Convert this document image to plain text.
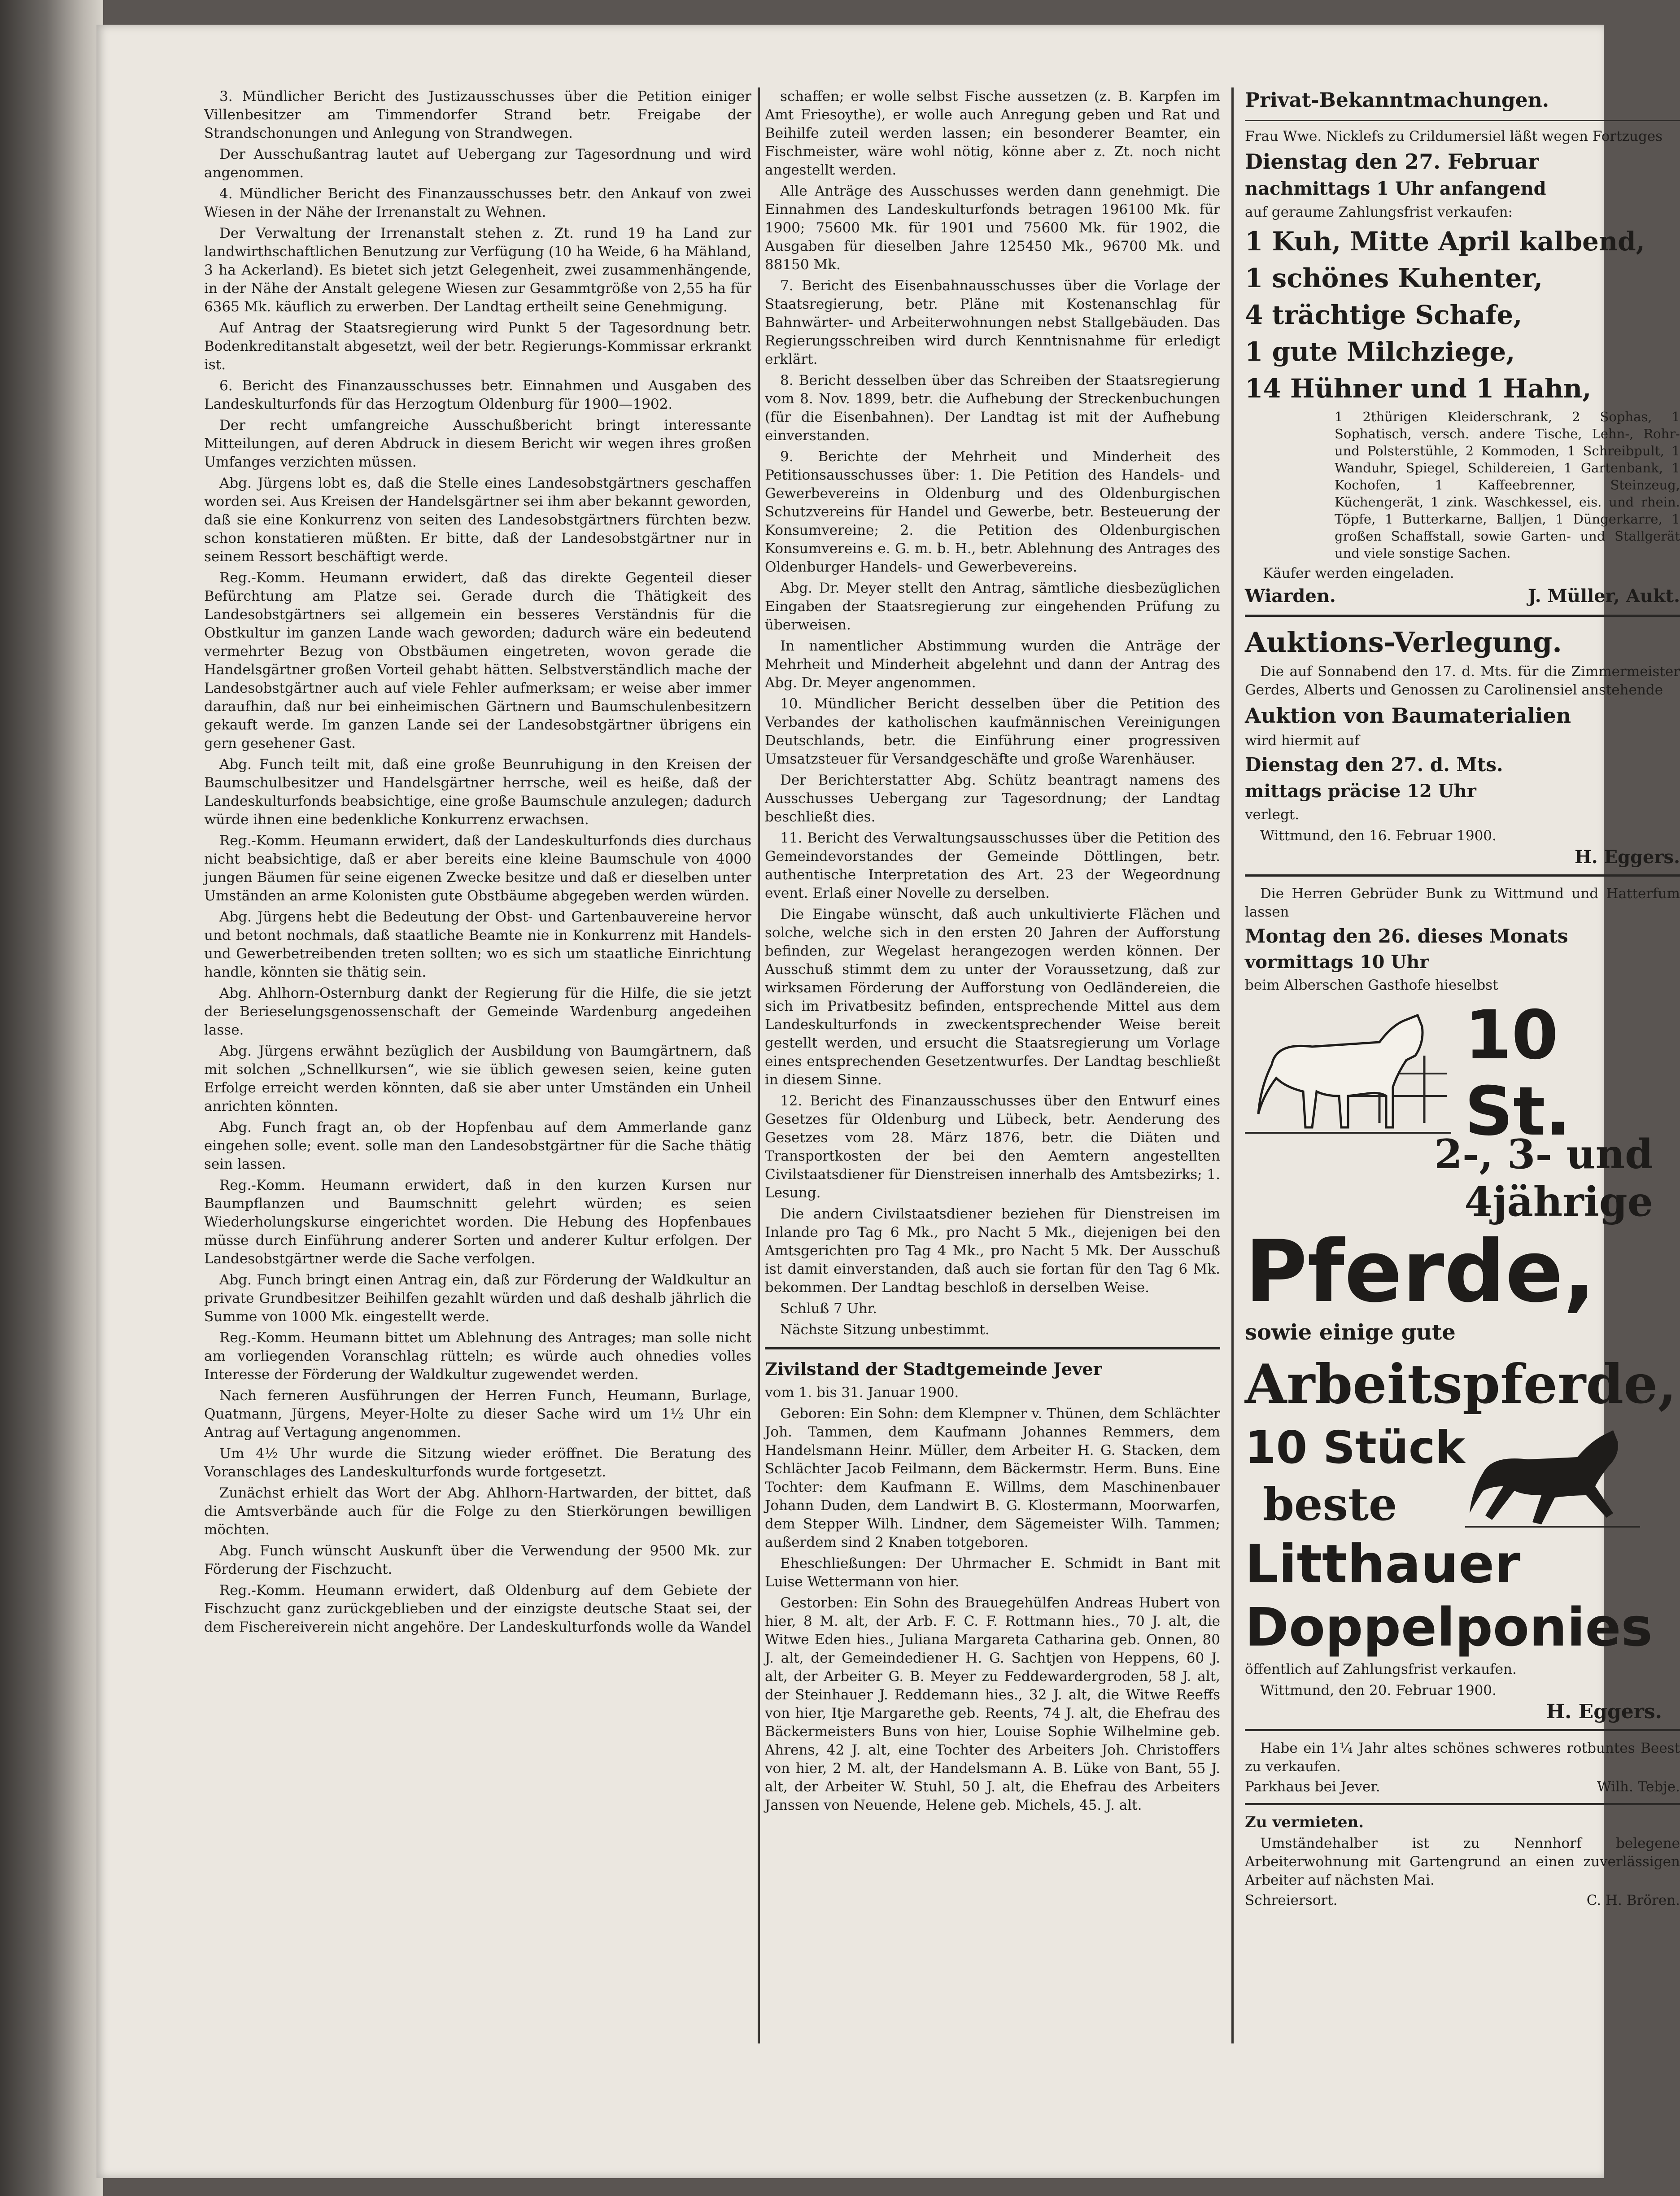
3. Mündlicher Bericht des Justizausschusses über die Petition einiger Villenbesitzer am Timmendorfer Strand betr. Freigabe der Strandschonungen und Anlegung von Strandwegen.

Der Ausschußantrag lautet auf Uebergang zur Tagesordnung und wird angenommen.

4. Mündlicher Bericht des Finanzausschusses betr. den Ankauf von zwei Wiesen in der Nähe der Irrenanstalt zu Wehnen.

Der Verwaltung der Irrenanstalt stehen z. Zt. rund 19 ha Land zur landwirthschaftlichen Benutzung zur Verfügung (10 ha Weide, 6 ha Mähland, 3 ha Ackerland). Es bietet sich jetzt Gelegenheit, zwei zusammenhängende, in der Nähe der Anstalt gelegene Wiesen zur Gesammtgröße von 2,55 ha für 6365 Mk. käuflich zu erwerben. Der Landtag ertheilt seine Genehmigung.

Auf Antrag der Staatsregierung wird Punkt 5 der Tagesordnung betr. Bodenkreditanstalt abgesetzt, weil der betr. Regierungs-Kommissar erkrankt ist.

6. Bericht des Finanzausschusses betr. Einnahmen und Ausgaben des Landeskulturfonds für das Herzogtum Oldenburg für 1900—1902.

Der recht umfangreiche Ausschußbericht bringt interessante Mitteilungen, auf deren Abdruck in diesem Bericht wir wegen ihres großen Umfanges verzichten müssen.

Abg. Jürgens lobt es, daß die Stelle eines Landesobstgärtners geschaffen worden sei. Aus Kreisen der Handelsgärtner sei ihm aber bekannt geworden, daß sie eine Konkurrenz von seiten des Landesobstgärtners fürchten bezw. schon konstatieren müßten. Er bitte, daß der Landesobstgärtner nur in seinem Ressort beschäftigt werde.

Reg.-Komm. Heumann erwidert, daß das direkte Gegenteil dieser Befürchtung am Platze sei. Gerade durch die Thätigkeit des Landesobstgärtners sei allgemein ein besseres Verständnis für die Obstkultur im ganzen Lande wach geworden; dadurch wäre ein bedeutend vermehrter Bezug von Obstbäumen eingetreten, wovon gerade die Handelsgärtner großen Vorteil gehabt hätten. Selbstverständlich mache der Landesobstgärtner auch auf viele Fehler aufmerksam; er weise aber immer daraufhin, daß nur bei einheimischen Gärtnern und Baumschulenbesitzern gekauft werde. Im ganzen Lande sei der Landesobstgärtner übrigens ein gern gesehener Gast.

Abg. Funch teilt mit, daß eine große Beunruhigung in den Kreisen der Baumschulbesitzer und Handelsgärtner herrsche, weil es heiße, daß der Landeskulturfonds beabsichtige, eine große Baumschule anzulegen; dadurch würde ihnen eine bedenkliche Konkurrenz erwachsen.

Reg.-Komm. Heumann erwidert, daß der Landeskulturfonds dies durchaus nicht beabsichtige, daß er aber bereits eine kleine Baumschule von 4000 jungen Bäumen für seine eigenen Zwecke besitze und daß er dieselben unter Umständen an arme Kolonisten gute Obstbäume abgegeben werden würden.

Abg. Jürgens hebt die Bedeutung der Obst- und Gartenbauvereine hervor und betont nochmals, daß staatliche Beamte nie in Konkurrenz mit Handels- und Gewerbetreibenden treten sollten; wo es sich um staatliche Einrichtung handle, könnten sie thätig sein.

Abg. Ahlhorn-Osternburg dankt der Regierung für die Hilfe, die sie jetzt der Berieselungsgenossenschaft der Gemeinde Wardenburg angedeihen lasse.

Abg. Jürgens erwähnt bezüglich der Ausbildung von Baumgärtnern, daß mit solchen „Schnellkursen“, wie sie üblich gewesen seien, keine guten Erfolge erreicht werden könnten, daß sie aber unter Umständen ein Unheil anrichten könnten.

Abg. Funch fragt an, ob der Hopfenbau auf dem Ammerlande ganz eingehen solle; event. solle man den Landesobstgärtner für die Sache thätig sein lassen.

Reg.-Komm. Heumann erwidert, daß in den kurzen Kursen nur Baumpflanzen und Baumschnitt gelehrt würden; es seien Wiederholungskurse eingerichtet worden. Die Hebung des Hopfenbaues müsse durch Einführung anderer Sorten und anderer Kultur erfolgen. Der Landesobstgärtner werde die Sache verfolgen.

Abg. Funch bringt einen Antrag ein, daß zur Förderung der Waldkultur an private Grundbesitzer Beihilfen gezahlt würden und daß deshalb jährlich die Summe von 1000 Mk. eingestellt werde.

Reg.-Komm. Heumann bittet um Ablehnung des Antrages; man solle nicht am vorliegenden Voranschlag rütteln; es würde auch ohnedies volles Interesse der Förderung der Waldkultur zugewendet werden.

Nach ferneren Ausführungen der Herren Funch, Heumann, Burlage, Quatmann, Jürgens, Meyer-Holte zu dieser Sache wird um 1½ Uhr ein Antrag auf Vertagung angenommen.

Um 4½ Uhr wurde die Sitzung wieder eröffnet. Die Beratung des Voranschlages des Landeskulturfonds wurde fortgesetzt.

Zunächst erhielt das Wort der Abg. Ahlhorn-Hartwarden, der bittet, daß die Amtsverbände auch für die Folge zu den Stierkörungen bewilligen möchten.

Abg. Funch wünscht Auskunft über die Verwendung der 9500 Mk. zur Förderung der Fischzucht.

Reg.-Komm. Heumann erwidert, daß Oldenburg auf dem Gebiete der Fischzucht ganz zurückgeblieben und der einzigste deutsche Staat sei, der dem Fischereiverein nicht angehöre. Der Landeskulturfonds wolle da Wandel

schaffen; er wolle selbst Fische aussetzen (z. B. Karpfen im Amt Friesoythe), er wolle auch Anregung geben und Rat und Beihilfe zuteil werden lassen; ein besonderer Beamter, ein Fischmeister, wäre wohl nötig, könne aber z. Zt. noch nicht angestellt werden.

Alle Anträge des Ausschusses werden dann genehmigt. Die Einnahmen des Landeskulturfonds betragen 196100 Mk. für 1900; 75600 Mk. für 1901 und 75600 Mk. für 1902, die Ausgaben für dieselben Jahre 125450 Mk., 96700 Mk. und 88150 Mk.

7. Bericht des Eisenbahnausschusses über die Vorlage der Staatsregierung, betr. Pläne mit Kostenanschlag für Bahnwärter- und Arbeiterwohnungen nebst Stallgebäuden. Das Regierungsschreiben wird durch Kenntnisnahme für erledigt erklärt.

8. Bericht desselben über das Schreiben der Staatsregierung vom 8. Nov. 1899, betr. die Aufhebung der Streckenbuchungen (für die Eisenbahnen). Der Landtag ist mit der Aufhebung einverstanden.

9. Berichte der Mehrheit und Minderheit des Petitionsausschusses über: 1. Die Petition des Handels- und Gewerbevereins in Oldenburg und des Oldenburgischen Schutzvereins für Handel und Gewerbe, betr. Besteuerung der Konsumvereine; 2. die Petition des Oldenburgischen Konsumvereins e. G. m. b. H., betr. Ablehnung des Antrages des Oldenburger Handels- und Gewerbevereins.

Abg. Dr. Meyer stellt den Antrag, sämtliche diesbezüglichen Eingaben der Staatsregierung zur eingehenden Prüfung zu überweisen.

In namentlicher Abstimmung wurden die Anträge der Mehrheit und Minderheit abgelehnt und dann der Antrag des Abg. Dr. Meyer angenommen.

10. Mündlicher Bericht desselben über die Petition des Verbandes der katholischen kaufmännischen Vereinigungen Deutschlands, betr. die Einführung einer progressiven Umsatzsteuer für Versandgeschäfte und große Warenhäuser.

Der Berichterstatter Abg. Schütz beantragt namens des Ausschusses Uebergang zur Tagesordnung; der Landtag beschließt dies.

11. Bericht des Verwaltungsausschusses über die Petition des Gemeindevorstandes der Gemeinde Döttlingen, betr. authentische Interpretation des Art. 23 der Wegeordnung event. Erlaß einer Novelle zu derselben.

Die Eingabe wünscht, daß auch unkultivierte Flächen und solche, welche sich in den ersten 20 Jahren der Aufforstung befinden, zur Wegelast herangezogen werden können. Der Ausschuß stimmt dem zu unter der Voraussetzung, daß zur wirksamen Förderung der Aufforstung von Oedländereien, die sich im Privatbesitz befinden, entsprechende Mittel aus dem Landeskulturfonds in zweckentsprechender Weise bereit gestellt werden, und ersucht die Staatsregierung um Vorlage eines entsprechenden Gesetzentwurfes. Der Landtag beschließt in diesem Sinne.

12. Bericht des Finanzausschusses über den Entwurf eines Gesetzes für Oldenburg und Lübeck, betr. Aenderung des Gesetzes vom 28. März 1876, betr. die Diäten und Transportkosten der bei den Aemtern angestellten Civilstaatsdiener für Dienstreisen innerhalb des Amtsbezirks; 1. Lesung.

Die andern Civilstaatsdiener beziehen für Dienstreisen im Inlande pro Tag 6 Mk., pro Nacht 5 Mk., diejenigen bei den Amtsgerichten pro Tag 4 Mk., pro Nacht 5 Mk. Der Ausschuß ist damit einverstanden, daß auch sie fortan für den Tag 6 Mk. bekommen. Der Landtag beschloß in derselben Weise.

Schluß 7 Uhr.

Nächste Sitzung unbestimmt.

Zivilstand der Stadtgemeinde Jever

vom 1. bis 31. Januar 1900.

Geboren: Ein Sohn: dem Klempner v. Thünen, dem Schlächter Joh. Tammen, dem Kaufmann Johannes Remmers, dem Handelsmann Heinr. Müller, dem Arbeiter H. G. Stacken, dem Schlächter Jacob Feilmann, dem Bäckermstr. Herm. Buns. Eine Tochter: dem Kaufmann E. Willms, dem Maschinenbauer Johann Duden, dem Landwirt B. G. Klostermann, Moorwarfen, dem Stepper Wilh. Lindner, dem Sägemeister Wilh. Tammen; außerdem sind 2 Knaben totgeboren.

Eheschließungen: Der Uhrmacher E. Schmidt in Bant mit Luise Wettermann von hier.

Gestorben: Ein Sohn des Brauegehülfen Andreas Hubert von hier, 8 M. alt, der Arb. F. C. F. Rottmann hies., 70 J. alt, die Witwe Eden hies., Juliana Margareta Catharina geb. Onnen, 80 J. alt, der Gemeindediener H. G. Sachtjen von Heppens, 60 J. alt, der Arbeiter G. B. Meyer zu Feddewardergroden, 58 J. alt, der Steinhauer J. Reddemann hies., 32 J. alt, die Witwe Reeffs von hier, Itje Margarethe geb. Reents, 74 J. alt, die Ehefrau des Bäckermeisters Buns von hier, Louise Sophie Wilhelmine geb. Ahrens, 42 J. alt, eine Tochter des Arbeiters Joh. Christoffers von hier, 2 M. alt, der Handelsmann A. B. Lüke von Bant, 55 J. alt, der Arbeiter W. Stuhl, 50 J. alt, die Ehefrau des Arbeiters Janssen von Neuende, Helene geb. Michels, 45. J. alt.

Privat-Bekanntmachungen.

Frau Wwe. Nicklefs zu Crildumersiel läßt wegen Fortzuges

Dienstag den 27. Februar

nachmittags 1 Uhr anfangend

auf geraume Zahlungsfrist verkaufen:

1 Kuh, Mitte April kalbend,

1 schönes Kuhenter,

4 trächtige Schafe,

1 gute Milchziege,

14 Hühner und 1 Hahn,

1 2thürigen Kleiderschrank, 2 Sophas, 1 Sophatisch, versch. andere Tische, Lehn-, Rohr- und Polsterstühle, 2 Kommoden, 1 Schreibpult, 1 Wanduhr, Spiegel, Schildereien, 1 Gartenbank, 1 Kochofen, 1 Kaffeebrenner, Steinzeug, Küchengerät, 1 zink. Waschkessel, eis. und rhein. Töpfe, 1 Butterkarne, Balljen, 1 Düngerkarre, 1 großen Schaffstall, sowie Garten- und Stallgerät und viele sonstige Sachen.

Käufer werden eingeladen.

Wiarden.	J. Müller, Aukt.

Auktions-Verlegung.

Die auf Sonnabend den 17. d. Mts. für die Zimmermeister Gerdes, Alberts und Genossen zu Carolinensiel anstehende

Auktion von Baumaterialien

wird hiermit auf

Dienstag den 27. d. Mts.

mittags präcise 12 Uhr

verlegt.

Wittmund, den 16. Februar 1900.

H. Eggers.

Die Herren Gebrüder Bunk zu Wittmund und Hatterfum lassen

Montag den 26. dieses Monats

vormittags 10 Uhr

beim Alberschen Gasthofe hieselbst

10 St.

2-, 3- und

4jährige

Pferde,

sowie einige gute

Arbeitspferde,

10 Stück

beste

Litthauer

Doppelponies

öffentlich auf Zahlungsfrist verkaufen.

Wittmund, den 20. Februar 1900.

H. Eggers.

Habe ein 1¼ Jahr altes schönes schweres rotbuntes Beest zu verkaufen.

Parkhaus bei Jever.	Wilh. Tebje.

Zu vermieten.

Umständehalber ist zu Nennhorf belegene Arbeiterwohnung mit Gartengrund an einen zuverlässigen Arbeiter auf nächsten Mai.

Schreiersort.	C. H. Brören.
